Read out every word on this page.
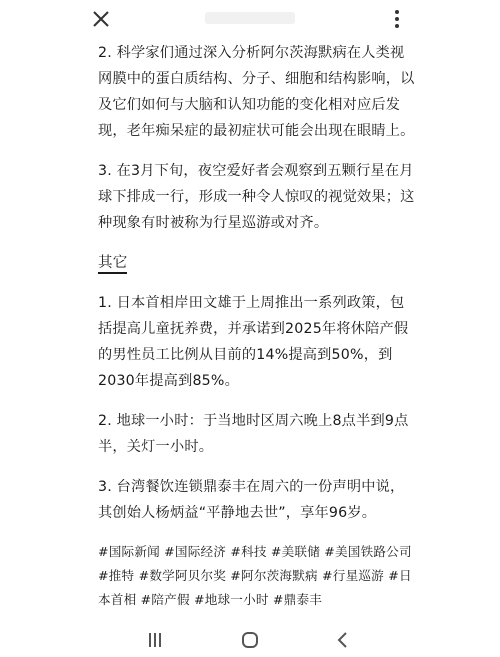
2. 科学家们通过深入分析阿尔茨海默病在人类视网膜中的蛋白质结构、分子、细胞和结构影响，以及它们如何与大脑和认知功能的变化相对应后发现，老年痴呆症的最初症状可能会出现在眼睛上。

3. 在3月下旬，夜空爱好者会观察到五颗行星在月球下排成一行，形成一种令人惊叹的视觉效果；这种现象有时被称为行星巡游或对齐。

其它

1. 日本首相岸田文雄于上周推出一系列政策，包括提高儿童抚养费，并承诺到2025年将休陪产假的男性员工比例从目前的14%提高到50%，到2030年提高到85%。

2. 地球一小时：于当地时区周六晚上8点半到9点半，关灯一小时。

3. 台湾餐饮连锁鼎泰丰在周六的一份声明中说，其创始人杨炳益“平静地去世”，享年96岁。

#国际新闻 #国际经济 #科技 #美联储 #美国铁路公司 #推特 #数学阿贝尔奖 #阿尔茨海默病 #行星巡游 #日本首相 #陪产假 #地球一小时 #鼎泰丰
